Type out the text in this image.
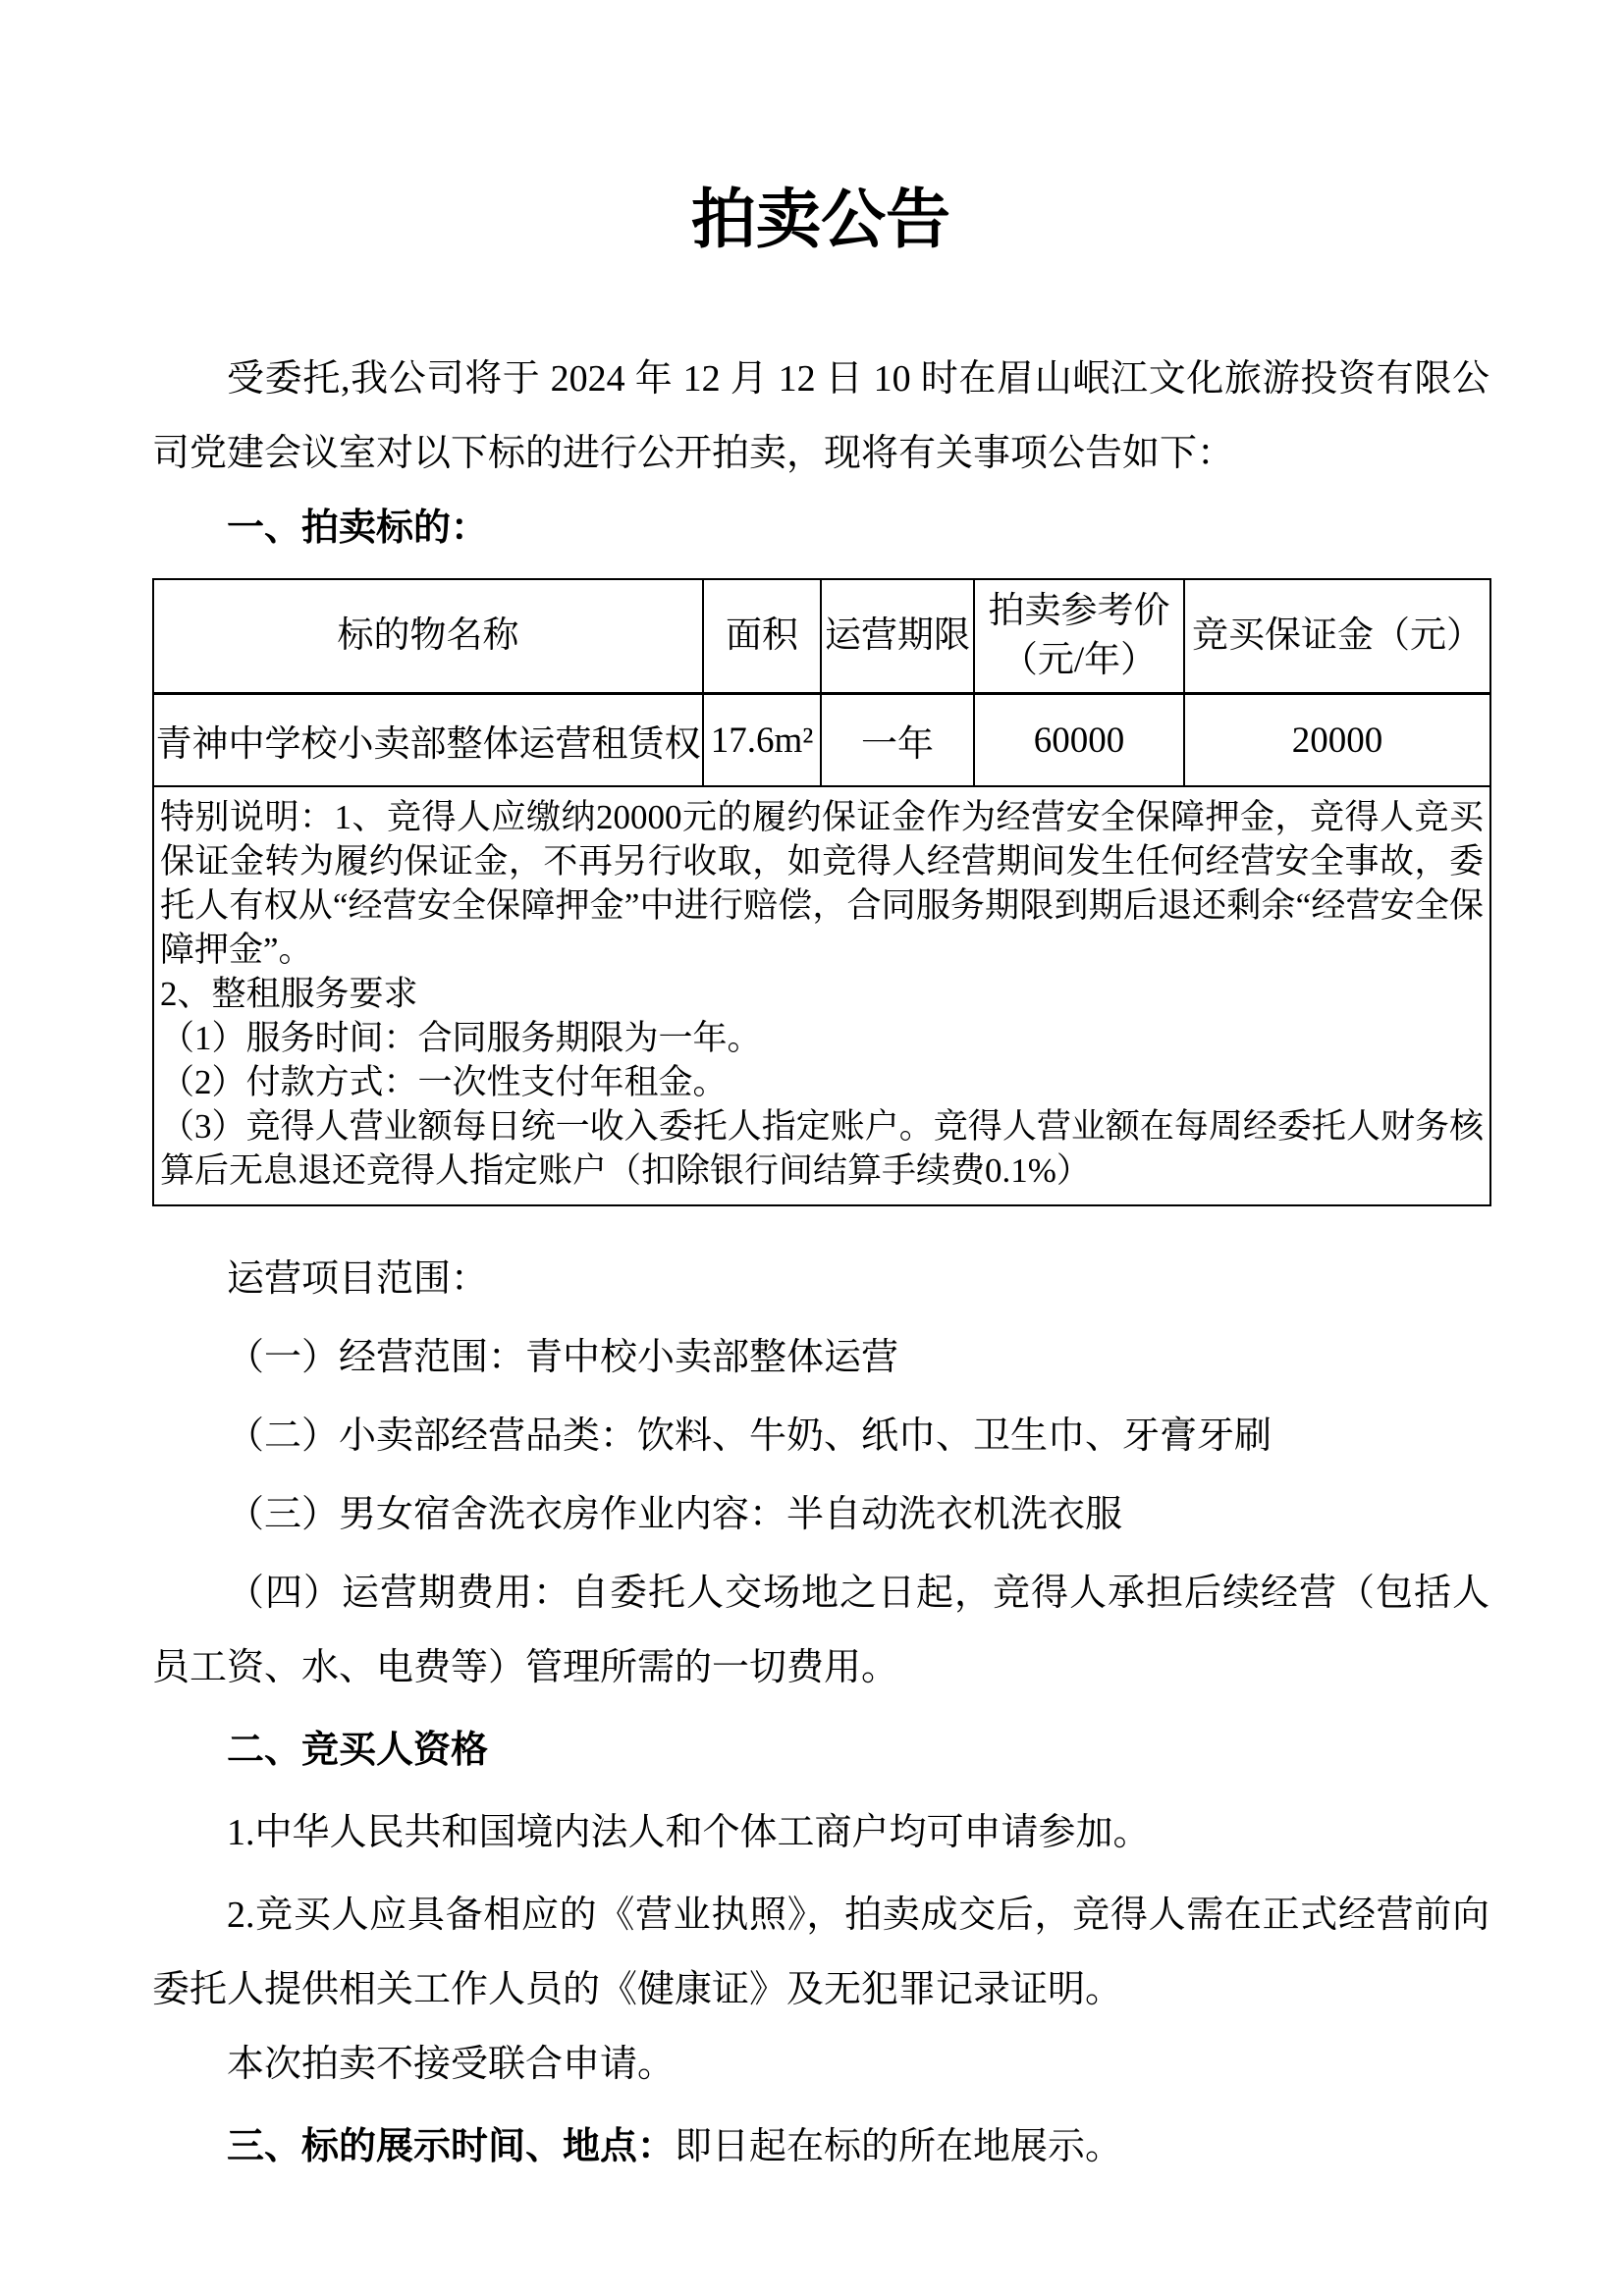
拍卖公告

受委托,我公司将于 2024 年 12 月 12 日 10 时在眉山岷江文化旅游投资有限公司党建会议室对以下标的进行公开拍卖，现将有关事项公告如下：

一、拍卖标的：

标的物名称	面积	运营期限	拍卖参考价（元/年）	竞买保证金（元）
青神中学校小卖部整体运营租赁权	17.6m²	一年	60000	20000

特别说明：1、竞得人应缴纳20000元的履约保证金作为经营安全保障押金，竞得人竞买保证金转为履约保证金，不再另行收取，如竞得人经营期间发生任何经营安全事故，委托人有权从“经营安全保障押金”中进行赔偿，合同服务期限到期后退还剩余“经营安全保障押金”。

2、整租服务要求

（1）服务时间：合同服务期限为一年。

（2）付款方式：一次性支付年租金。

（3）竞得人营业额每日统一收入委托人指定账户。竞得人营业额在每周经委托人财务核算后无息退还竞得人指定账户（扣除银行间结算手续费0.1%）				

运营项目范围：

（一）经营范围：青中校小卖部整体运营

（二）小卖部经营品类：饮料、牛奶、纸巾、卫生巾、牙膏牙刷

（三）男女宿舍洗衣房作业内容：半自动洗衣机洗衣服

（四）运营期费用：自委托人交场地之日起，竞得人承担后续经营（包括人员工资、水、电费等）管理所需的一切费用。

二、竞买人资格

1.中华人民共和国境内法人和个体工商户均可申请参加。

2.竞买人应具备相应的《营业执照》，拍卖成交后，竞得人需在正式经营前向委托人提供相关工作人员的《健康证》及无犯罪记录证明。

本次拍卖不接受联合申请。

三、标的展示时间、地点：即日起在标的所在地展示。
